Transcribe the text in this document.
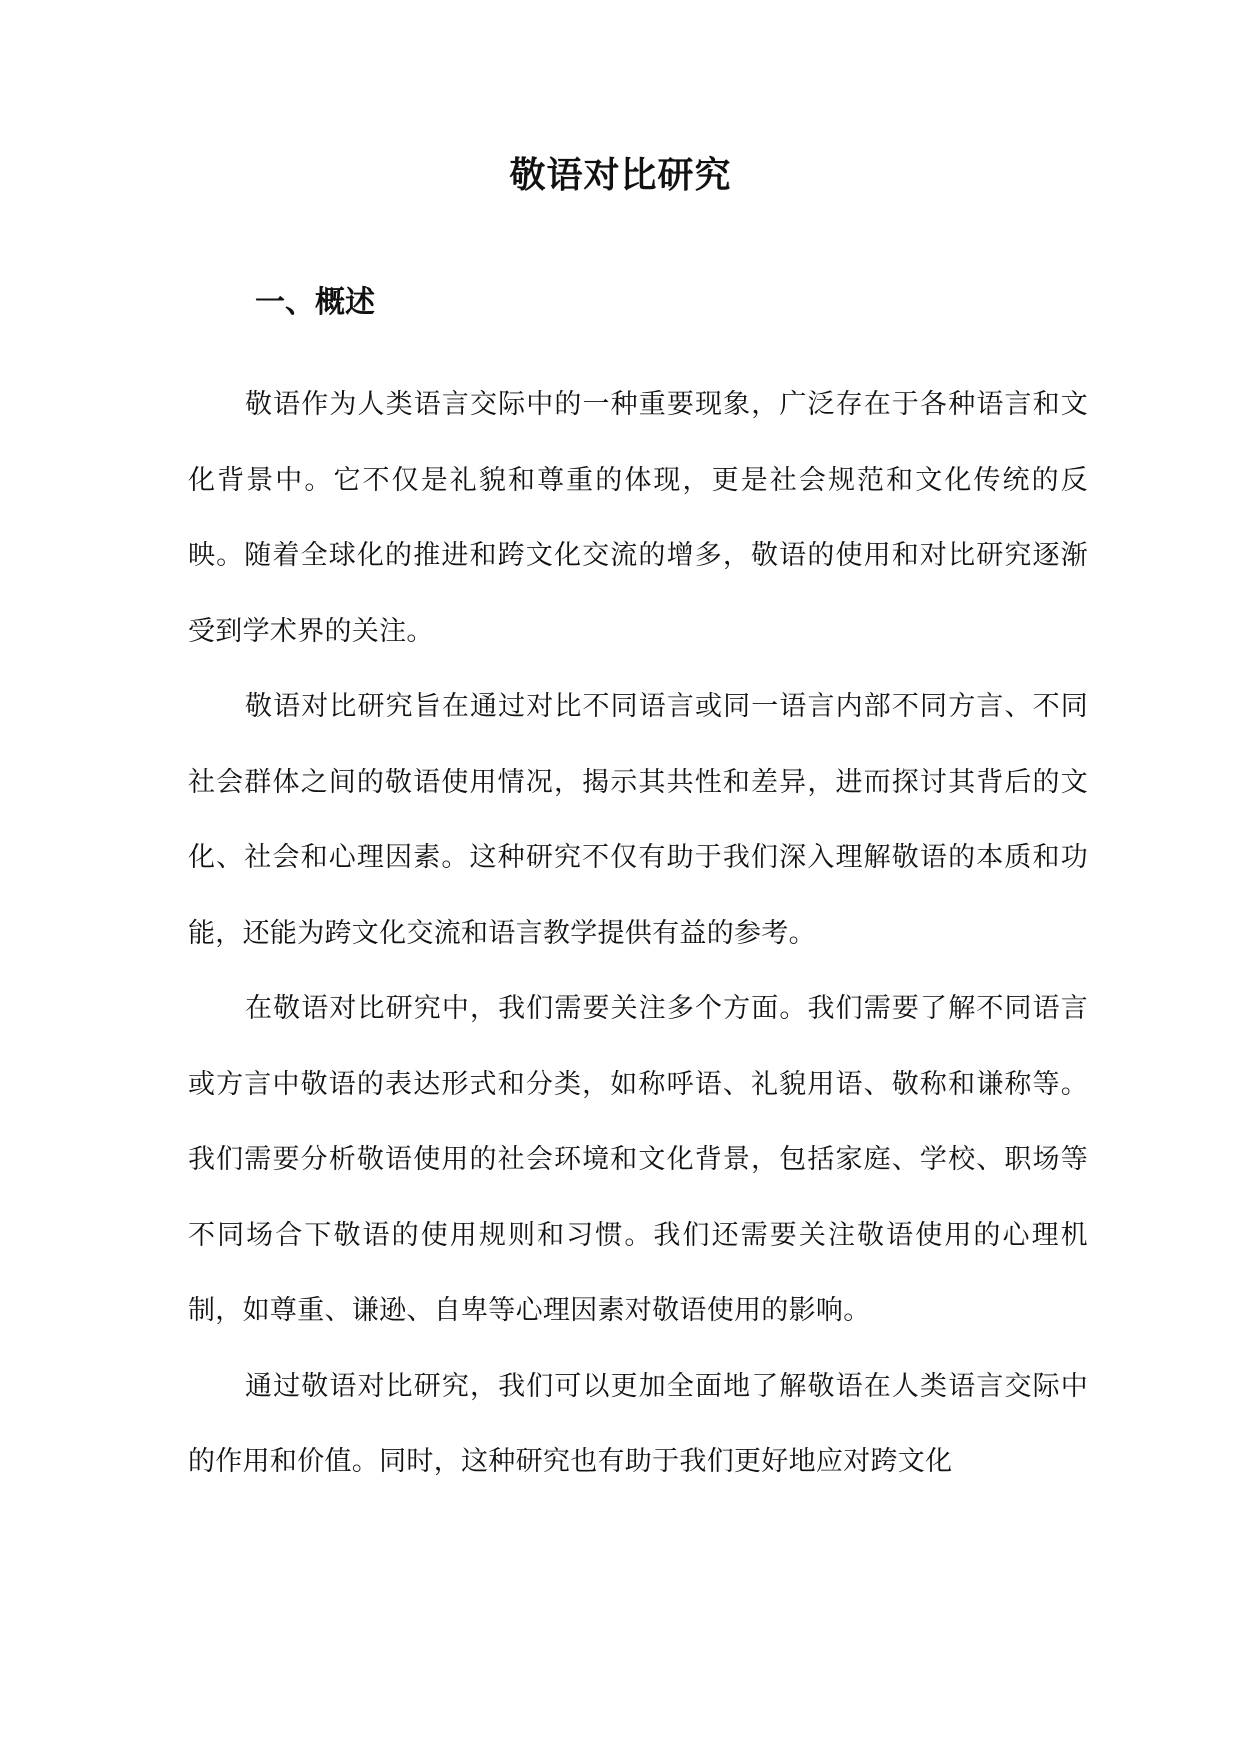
敬语对比研究
一、概述

敬语作为人类语言交际中的一种重要现象，广泛存在于各种语言和文化背景中。它不仅是礼貌和尊重的体现，更是社会规范和文化传统的反映。随着全球化的推进和跨文化交流的增多，敬语的使用和对比研究逐渐受到学术界的关注。

敬语对比研究旨在通过对比不同语言或同一语言内部不同方言、不同社会群体之间的敬语使用情况，揭示其共性和差异，进而探讨其背后的文化、社会和心理因素。这种研究不仅有助于我们深入理解敬语的本质和功能，还能为跨文化交流和语言教学提供有益的参考。

在敬语对比研究中，我们需要关注多个方面。我们需要了解不同语言或方言中敬语的表达形式和分类，如称呼语、礼貌用语、敬称和谦称等。我们需要分析敬语使用的社会环境和文化背景，包括家庭、学校、职场等不同场合下敬语的使用规则和习惯。我们还需要关注敬语使用的心理机制，如尊重、谦逊、自卑等心理因素对敬语使用的影响。

通过敬语对比研究，我们可以更加全面地了解敬语在人类语言交际中的作用和价值。同时，这种研究也有助于我们更好地应对跨文化
